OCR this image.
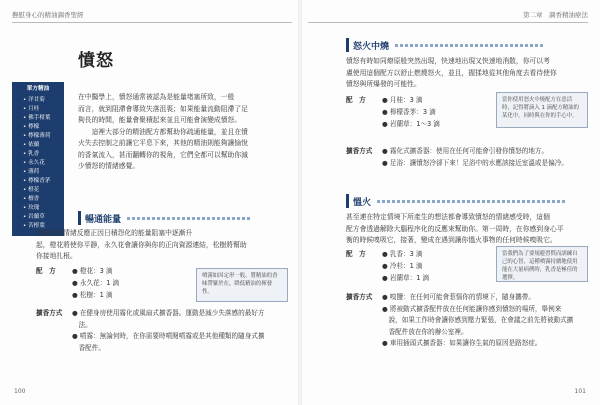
撫慰身心的精油調香聖經	第二章　調香精油療法
憤怒
單方精油
• 洋甘菊
• 月桂
• 佛手柑葉
• 檸檬
• 檸檬薄荷
• 依蘭
• 乳香
• 永久花
• 薄荷
• 檸檬香茅
• 橙花
• 檀香
• 玫瑰
• 岩蘭草
• 苦橙葉
在中醫學上，憤怒通常被認為是能量堵塞所致，一般
而言，就到阻滯會導致失落沮喪；如果能量流動阻滯了足
夠長的時間，能量會聚積起來並且可能會演變成憤怒。
　　這裡大部分的精油配方都幫助你疏通能量，並且在憤
火失去控制之前讓它平息下來，其他的精油則能夠讓愉悅
的香氣流入，甚而翻轉你的視角，它們全都可以幫助你減
少憤怒的情緒感覺。
暢通能量
如果你的情緒反應正因日積怨化的能量阻塞中逐漸升
起，橙花將使你平靜，永久花會讓你與你的正向資源連結，松樹將幫助
你接地扎根。
配　方	● 橙花：3 滴
● 永久花：1 滴
● 松樹：1 滴
噴霧如因定形一般，將精油的香味帶緊於在，降低精油的揮發性。
擴香方式 ● 在健身房使用霧化或風扇式擴香器。運動是減少失落感的最好方
　法。
● 噴霧：無論何時，在你需要時噴閱噴霧或是其他種類的隨身式擴
　香配件。
怒火中燒
憤怒有時如同燎原般突然出現，快速地出現又快速地消散，你可以考
慮使用這個配方以舒止燃燒怒火，並且，握揉地從其他角度去看待使你
憤怒與所爆發的可能性。
配　方	● 月桂：3 滴
● 檸檬香茅：3 滴
● 岩蘭草：1～3 滴
當你使用怒火中燒配方在惡活時，記得將滴入 1 滴配方精油的某化中，同時與在你的手心中。
擴香方式 ● 霧化式擴香器：使用在任何可能會引發你憤怒的地方。
● 足浴：讓憤怒冷卻下來！足浴中的水應該接近室溫或是偏冷。
慍火
甚至連在特定情境下所產生的想法都會導致憤怒的情緒感受時，這個
配方會透過解除大腦程序化的反應來幫助你。第一周時，在你感到身心平
衡的時候嗅吸它，接著，變成在遇到讓你慍火事物的任何時候嗅吸它。
配　方	● 乳香：3 滴
● 冷杉：1 滴
● 岩蘭草：1 滴
當我們為了要規避習慣而訓練自己的心智，這種噴霧持續地使用能在大量病例時，乳香是極佳的選擇。
擴香方式 ● 嗅鹽：在任何可能會惹惱你的情境下，隨身攜帶。
● 將被動式擴香配件放在任何能讓你感到憤怒的場所，舉例來
　說，如果工作時會讓你感到壓力緊張，在會議之前先將被動式擴
　香配件放在你的辦公室裡。
● 車用插頭式擴香器：如果讓你生氣的原因是路怒症。
100	101
